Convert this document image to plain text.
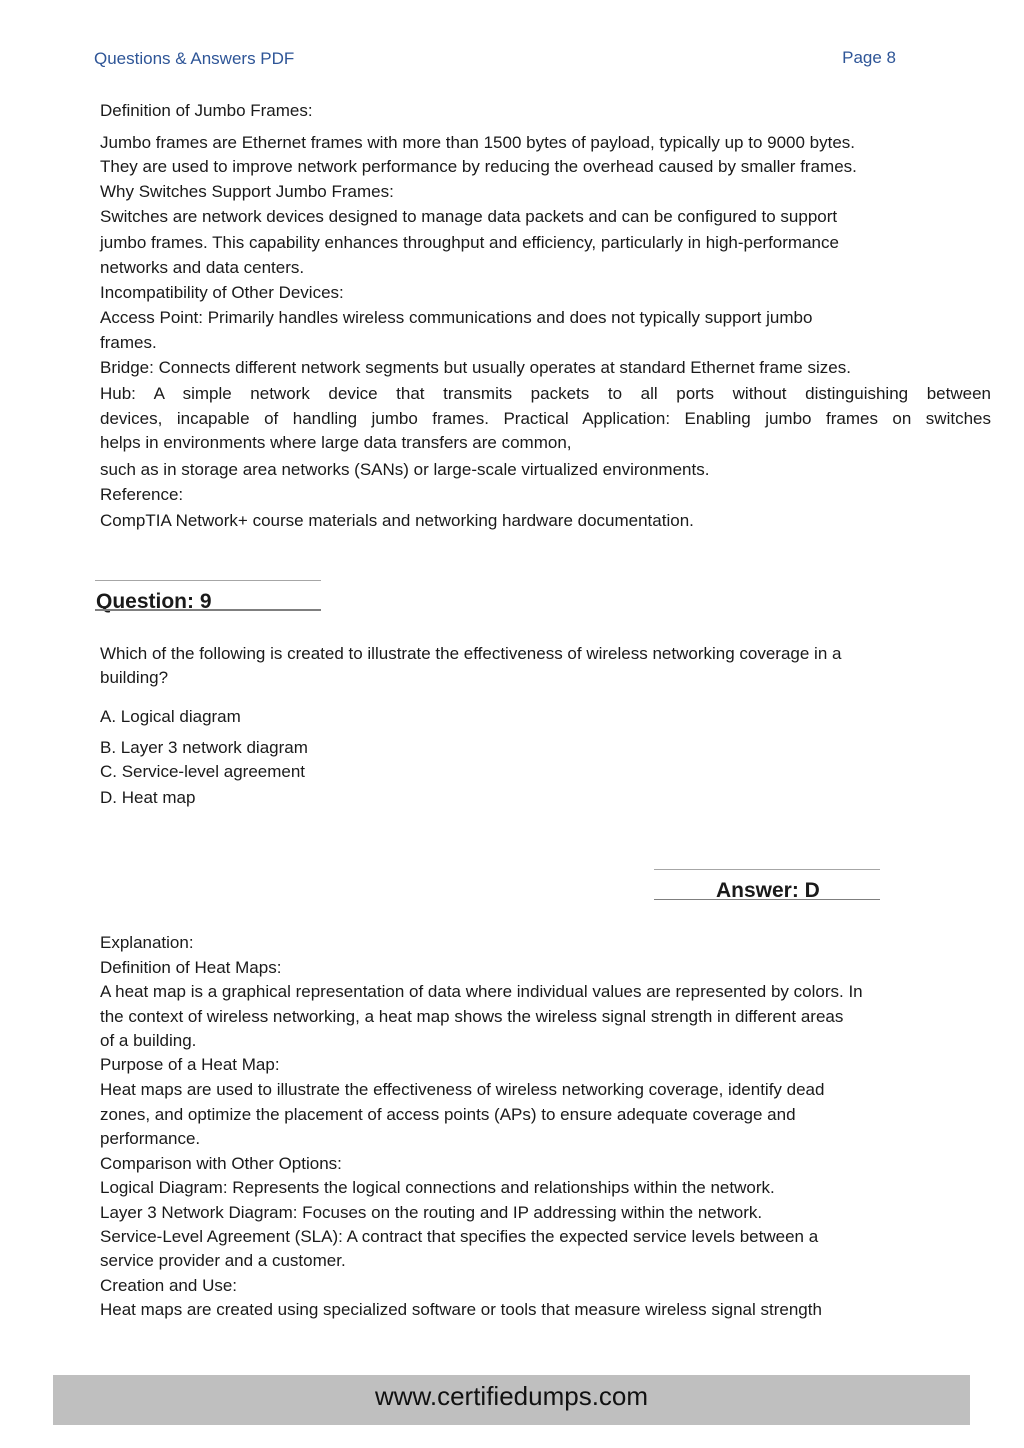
Questions & Answers PDF	Page 8
Definition of Jumbo Frames:
Jumbo frames are Ethernet frames with more than 1500 bytes of payload, typically up to 9000 bytes.
They are used to improve network performance by reducing the overhead caused by smaller frames.
Why Switches Support Jumbo Frames:
Switches are network devices designed to manage data packets and can be configured to support
jumbo frames. This capability enhances throughput and efficiency, particularly in high-performance
networks and data centers.
Incompatibility of Other Devices:
Access Point: Primarily handles wireless communications and does not typically support jumbo
frames.
Bridge: Connects different network segments but usually operates at standard Ethernet frame sizes.
Hub: A simple network device that transmits packets to all ports without distinguishing between
devices, incapable of handling jumbo frames. Practical Application: Enabling jumbo frames on switches
helps in environments where large data transfers are common,
such as in storage area networks (SANs) or large-scale virtualized environments.
Reference:
CompTIA Network+ course materials and networking hardware documentation.
Question: 9
Which of the following is created to illustrate the effectiveness of wireless networking coverage in a
building?
A. Logical diagram
B. Layer 3 network diagram
C. Service-level agreement
D. Heat map
Answer: D
Explanation:
Definition of Heat Maps:
A heat map is a graphical representation of data where individual values are represented by colors. In
the context of wireless networking, a heat map shows the wireless signal strength in different areas
of a building.
Purpose of a Heat Map:
Heat maps are used to illustrate the effectiveness of wireless networking coverage, identify dead
zones, and optimize the placement of access points (APs) to ensure adequate coverage and
performance.
Comparison with Other Options:
Logical Diagram: Represents the logical connections and relationships within the network.
Layer 3 Network Diagram: Focuses on the routing and IP addressing within the network.
Service-Level Agreement (SLA): A contract that specifies the expected service levels between a
service provider and a customer.
Creation and Use:
Heat maps are created using specialized software or tools that measure wireless signal strength
www.certifiedumps.com
